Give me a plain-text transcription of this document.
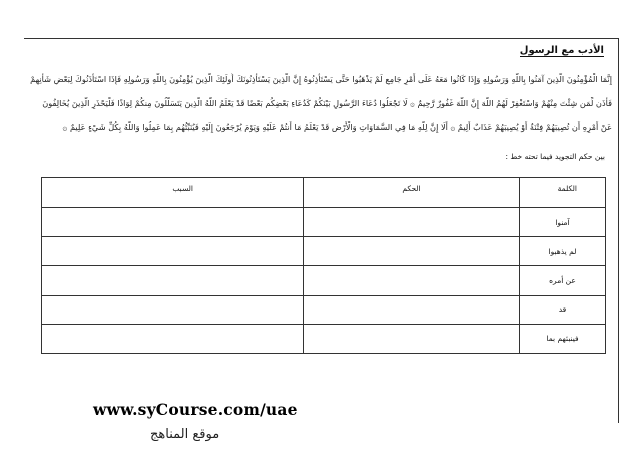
الأدب مع الرسول
إِنَّمَا الْمُؤْمِنُونَ الَّذِينَ آمَنُوا بِاللَّهِ وَرَسُولِهِ وَإِذَا كَانُوا مَعَهُ عَلَى أَمْرٍ جَامِعٍ لَمْ يَذْهَبُوا حَتَّى يَسْتَأْذِنُوهُ إِنَّ الَّذِينَ يَسْتَأْذِنُونَكَ أُولَئِكَ الَّذِينَ يُؤْمِنُونَ بِاللَّهِ وَرَسُولِهِ فَإِذَا اسْتَأْذَنُوكَ لِبَعْضِ شَأْنِهِمْ
فَأْذَن لِّمَن شِئْتَ مِنْهُمْ وَاسْتَغْفِرْ لَهُمُ اللَّهَ إِنَّ اللَّهَ غَفُورٌ رَّحِيمٌ ۞ لَا تَجْعَلُوا دُعَاءَ الرَّسُولِ بَيْنَكُمْ كَدُعَاءِ بَعْضِكُم بَعْضًا قَدْ يَعْلَمُ اللَّهُ الَّذِينَ يَتَسَلَّلُونَ مِنكُمْ لِوَاذًا فَلْيَحْذَرِ الَّذِينَ يُخَالِفُونَ
عَنْ أَمْرِهِ أَن تُصِيبَهُمْ فِتْنَةٌ أَوْ يُصِيبَهُمْ عَذَابٌ أَلِيمٌ ۞ أَلَا إِنَّ لِلَّهِ مَا فِي السَّمَاوَاتِ وَالْأَرْضِ قَدْ يَعْلَمُ مَا أَنتُمْ عَلَيْهِ وَيَوْمَ يُرْجَعُونَ إِلَيْهِ فَيُنَبِّئُهُم بِمَا عَمِلُوا وَاللَّهُ بِكُلِّ شَيْءٍ عَلِيمٌ ۞
بين حكم التجويد فيما تحته خط :
الكلمة	الحكم	السبب
آمنوا		
لم يذهبوا		
عن أمره		
قد		
فينبئهم بما		
www.syCourse.com/uae
موقع المناهج
